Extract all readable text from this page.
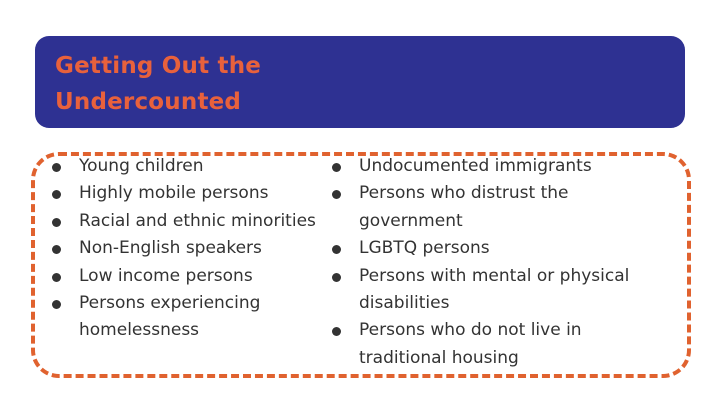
Getting Out the
Undercounted
Young children
Highly mobile persons
Racial and ethnic minorities
Non-English speakers
Low income persons
Persons experiencing homelessness
Undocumented immigrants
Persons who distrust the government
LGBTQ persons
Persons with mental or physical disabilities
Persons who do not live in traditional housing
